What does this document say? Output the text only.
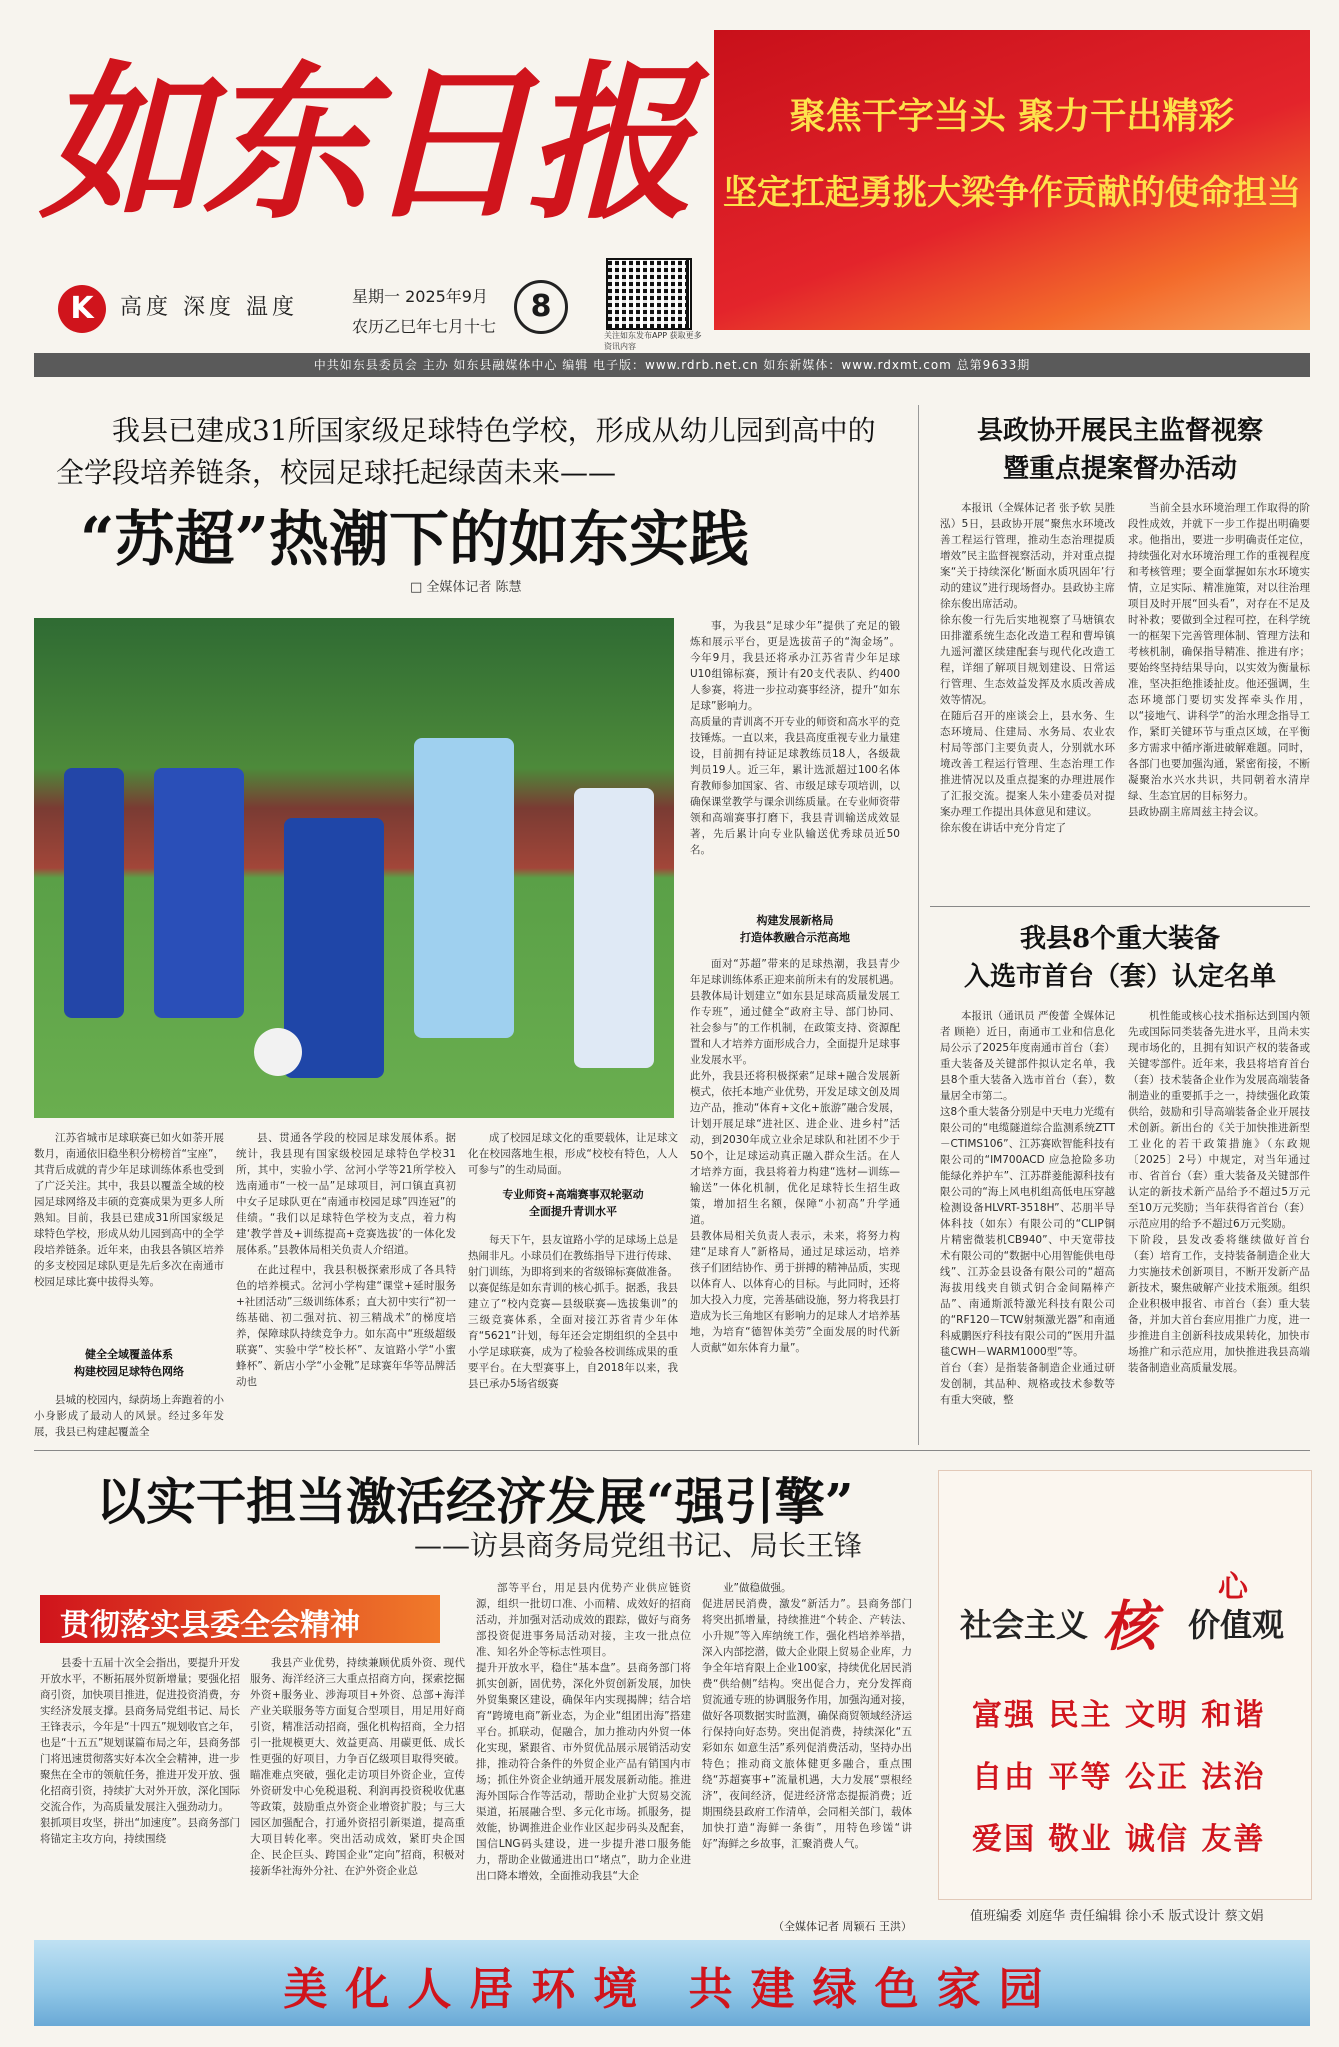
如东日报
K
高度 深度 温度	星期一 2025年9月
农历乙巳年七月十七
8
关注如东发布APP 获取更多资讯内容
聚焦干字当头 聚力干出精彩
坚定扛起勇挑大梁争作贡献的使命担当
中共如东县委员会 主办 如东县融媒体中心 编辑 电子版：www.rdrb.net.cn 如东新媒体：www.rdxmt.com 总第9633期
我县已建成31所国家级足球特色学校，形成从幼儿园到高中的全学段培养链条，校园足球托起绿茵未来——
“苏超”热潮下的如东实践
□ 全媒体记者 陈慧

江苏省城市足球联赛已如火如荼开展数月，南通依旧稳坐积分榜榜首“宝座”，其背后成就的青少年足球训练体系也受到了广泛关注。其中，我县以覆盖全域的校园足球网络及丰硕的竞赛成果为更多人所熟知。目前，我县已建成31所国家级足球特色学校，形成从幼儿园到高中的全学段培养链条。近年来，由我县各镇区培养的多支校园足球队更是先后多次在南通市校园足球比赛中拔得头筹。

健全全域覆盖体系
构建校园足球特色网络

县城的校园内，绿荫场上奔跑着的小小身影成了最动人的风景。经过多年发展，我县已构建起覆盖全

县、贯通各学段的校园足球发展体系。据统计，我县现有国家级校园足球特色学校31所，其中，实验小学、岔河小学等21所学校入选南通市“一校一品”足球项目，河口镇直真初中女子足球队更在“南通市校园足球”四连冠”的佳绩。“我们以足球特色学校为支点，着力构建‘教学普及+训练提高+竞赛选拔’的一体化发展体系。”县教体局相关负责人介绍道。

在此过程中，我县积极探索形成了各具特色的培养模式。岔河小学构建“课堂+延时服务+社团活动”三级训练体系；直大初中实行“初一练基础、初二强对抗、初三精战术”的梯度培养，保障球队持续竞争力。如东高中“班级超级联赛”、实验中学“校长杯”、友谊路小学“小蜜蜂杯”、新店小学“小金靴”足球赛年华等品牌活动也

成了校园足球文化的重要载体，让足球文化在校园落地生根，形成“校校有特色，人人可参与”的生动局面。

专业师资+高端赛事双轮驱动
全面提升青训水平

每天下午，县友谊路小学的足球场上总是热闹非凡。小球员们在教练指导下进行传球、射门训练，为即将到来的省级锦标赛做准备。
以赛促练是如东青训的核心抓手。据悉，我县建立了“校内竞赛—县级联赛—选拔集训”的三级竞赛体系，全面对接江苏省青少年体育“5621”计划，每年还会定期组织的全县中小学足球联赛，成为了检验各校训练成果的重要平台。在大型赛事上，自2018年以来，我县已承办5场省级赛

事，为我县“足球少年”提供了充足的锻炼和展示平台，更是选拔苗子的“淘金场”。今年9月，我县还将承办江苏省青少年足球U10组锦标赛，预计有20支代表队、约400人参赛，将进一步拉动赛事经济，提升“如东足球”影响力。
高质量的青训离不开专业的师资和高水平的竞技锤炼。一直以来，我县高度重视专业力量建设，目前拥有持证足球教练员18人，各级裁判员19人。近三年，累计选派超过100名体育教师参加国家、省、市级足球专项培训，以确保课堂教学与课余训练质量。在专业师资带领和高端赛事打磨下，我县青训输送成效显著，先后累计向专业队输送优秀球员近50名。

构建发展新格局
打造体教融合示范高地

面对“苏超”带来的足球热潮，我县青少年足球训练体系正迎来前所未有的发展机遇。县教体局计划建立“如东县足球高质量发展工作专班”，通过健全“政府主导、部门协同、社会参与”的工作机制，在政策支持、资源配置和人才培养方面形成合力，全面提升足球事业发展水平。
此外，我县还将积极探索“足球+融合发展新模式，依托本地产业优势，开发足球文创及周边产品，推动“体育+文化+旅游”融合发展，计划开展足球“进社区、进企业、进乡村”活动，到2030年成立业余足球队和社团不少于50个，让足球运动真正融入群众生活。在人才培养方面，我县将着力构建“选材—训练—输送”一体化机制，优化足球特长生招生政策，增加招生名额，保障“小初高”升学通道。
县教体局相关负责人表示，未来，将努力构建“足球育人”新格局，通过足球运动，培养孩子们团结协作、勇于拼搏的精神品质，实现以体育人、以体育心的目标。与此同时，还将加大投入力度，完善基础设施，努力将我县打造成为长三角地区有影响力的足球人才培养基地，为培育“德智体美劳”全面发展的时代新人贡献“如东体育力量”。

县政协开展民主监督视察
暨重点提案督办活动

本报讯（全媒体记者 张予软 吴胜泓）5日，县政协开展“聚焦水环境改善工程运行管理，推动生态治理提质增效”民主监督视察活动，并对重点提案“关于持续深化‘断面水质巩固年’行动的建议”进行现场督办。县政协主席徐东俊出席活动。
徐东俊一行先后实地视察了马塘镇农田排灌系统生态化改造工程和曹埠镇九遥河灌区续建配套与现代化改造工程，详细了解项目规划建设、日常运行管理、生态效益发挥及水质改善成效等情况。
在随后召开的座谈会上，县水务、生态环境局、住建局、水务局、农业农村局等部门主要负责人，分别就水环境改善工程运行管理、生态治理工作推进情况以及重点提案的办理进展作了汇报交流。提案人朱小建委员对提案办理工作提出具体意见和建议。
徐东俊在讲话中充分肯定了

当前全县水环境治理工作取得的阶段性成效，并就下一步工作提出明确要求。他指出，要进一步明确责任定位，持续强化对水环境治理工作的重视程度和考核管理；要全面掌握如东水环境实情，立足实际、精准施策，对以往治理项目及时开展“回头看”，对存在不足及时补救；要做到全过程可控，在科学统一的框架下完善管理体制、管理方法和考核机制，确保指导精准、推进有序；要始终坚持结果导向，以实效为衡量标准，坚决拒绝推诿扯皮。他还强调，生态环境部门要切实发挥牵头作用，以“接地气、讲科学”的治水理念指导工作，紧盯关键环节与重点区域，在平衡多方需求中循序渐进破解难题。同时，各部门也要加强沟通，紧密衔接，不断凝聚治水兴水共识，共同朝着水清岸绿、生态宜居的目标努力。
县政协副主席周兹主持会议。

我县8个重大装备
入选市首台（套）认定名单

本报讯（通讯员 严俊蕾 全媒体记者 顾艳）近日，南通市工业和信息化局公示了2025年度南通市首台（套）重大装备及关键部件拟认定名单，我县8个重大装备入选市首台（套），数量居全市第二。
这8个重大装备分别是中天电力光缆有限公司的“电缆隧道综合监测系统ZTT－CTIMS106”、江苏赛欧智能科技有限公司的“IM700ACD 应急抢险多功能绿化养护车”、江苏群菱能源科技有限公司的“海上风电机组高低电压穿越检测设备HLVRT-3518H”、芯朋半导体科技（如东）有限公司的“CLIP铜片精密微装机CB940”、中天宽带技术有限公司的“数据中心用智能供电母线”、江苏金县设备有限公司的“超高海拔用线夹自锁式钥合金间隔棒产品”、南通斯派特激光科技有限公司的“RF120－TCW射频激光器”和南通科威鹏医疗科技有限公司的“医用升温毯CWH－WARM1000型”等。
首台（套）是指装备制造企业通过研发创制，其品种、规格或技术参数等有重大突破，整

机性能或核心技术指标达到国内领先或国际同类装备先进水平，且尚未实现市场化的，且拥有知识产权的装备或关键零部件。近年来，我县将培育首台（套）技术装备企业作为发展高端装备制造业的重要抓手之一，持续强化政策供给，鼓励和引导高端装备企业开展技术创新。新出台的《关于加快推进新型工业化的若干政策措施》（东政规〔2025〕2号）中规定，对当年通过市、省首台（套）重大装备及关键部件认定的新技术新产品给予不超过5万元至10万元奖励；当年获得省首台（套）示范应用的给予不超过6万元奖励。
下阶段，县发改委将继续做好首台（套）培育工作，支持装备制造企业大力实施技术创新项目，不断开发新产品新技术，聚焦破解产业技术瓶颈。组织企业积极申报省、市首台（套）重大装备，并加大首台套应用推广力度，进一步推进自主创新科技成果转化，加快市场推广和示范应用，加快推进我县高端装备制造业高质量发展。

以实干担当激活经济发展“强引擎”
——访县商务局党组书记、局长王锋
贯彻落实县委全会精神

县委十五届十次全会指出，要提升开发开放水平，不断拓展外贸新增量；要强化招商引资，加快项目推进，促进投资消费，夯实经济发展支撑。县商务局党组书记、局长王锋表示，今年是“十四五”规划收官之年，也是“十五五”规划谋篇布局之年，县商务部门将迅速贯彻落实好本次全会精神，进一步聚焦在全市的领航任务，推进开发开放、强化招商引资，持续扩大对外开放，深化国际交流合作，为高质量发展注入强劲动力。
狠抓项目攻坚，拼出“加速度”。县商务部门将锚定主攻方向，持续围绕

我县产业优势，持续兼顾优质外资、现代服务、海洋经济三大重点招商方向，探索挖掘外资+服务业、涉海项目+外资、总部+海洋产业关联服务等方面复合型项目，用足用好商引资，精准活动招商，强化机构招商，全力招引一批规模更大、效益更高、用碳更低、成长性更强的好项目，力争百亿级项目取得突破。瞄准难点突破，强化走访项目外资企业，宣传外资研发中心免税退税、利润再投资税收优惠等政策，鼓励重点外资企业增资扩股；与三大园区加强配合，打通外资招引新渠道，提高重大项目转化率。突出活动成效，紧盯央企国企、民企巨头、跨国企业“定向”招商，积极对接新华社海外分社、在沪外资企业总

部等平台，用足县内优势产业供应链资源，组织一批切口准、小而精、成效好的招商活动，并加强对活动成效的跟踪，做好与商务部投资促进事务局活动对接，主攻一批点位准、知名外企等标志性项目。
提升开放水平，稳住“基本盘”。县商务部门将抓实创新，固优势，深化外贸创新发展，加快外贸集聚区建设，确保年内实现揭牌；结合培育“跨境电商”新业态，为企业“组团出海”搭建平台。抓联动，促融合，加力推动内外贸一体化实现，紧跟省、市外贸优品展示展销活动安排，推动符合条件的外贸企业产品有销国内市场；抓住外资企业纳通开展发展新动能。推进海外国际合作等活动，帮助企业扩大贸易交流渠道，拓展融合型、多元化市场。抓服务，提效能，协调推进企业作业区起步码头及配套，国信LNG码头建设，进一步提升港口服务能力，帮助企业做通进出口“堵点”，助力企业进出口降本增效，全面推动我县“大企

业”做稳做强。
促进居民消费，激发“新活力”。县商务部门将突出抓增量，持续推进“个转企、产转法、小升规”等入库纳统工作，强化档培养举措，深入内部挖潜，做大企业限上贸易企业库，力争全年培育限上企业100家，持续优化居民消费“供给侧”结构。突出促合力，充分发挥商贸流通专班的协调服务作用，加强沟通对接，做好各项数据实时监测，确保商贸领域经济运行保持向好态势。突出促消费，持续深化“五彩如东 如意生活”系列促消费活动，坚持办出特色；推动商文旅体健更多融合，重点围绕“苏超赛事+”流量机遇，大力发展“票根经济”，夜间经济，促进经济常态提振消费；近期围绕县政府工作清单，会同相关部门，载体加快打造“海鲜一条街”，用特色珍馐“讲好”海鲜之乡故事，汇聚消费人气。

（全媒体记者 周颖石 王洪）
社会主义 核
心
价值观
富强 民主 文明 和谐
自由 平等 公正 法治
爱国 敬业 诚信 友善
值班编委 刘庭华 责任编辑 徐小禾 版式设计 蔡文娟
美化人居环境 共建绿色家园
